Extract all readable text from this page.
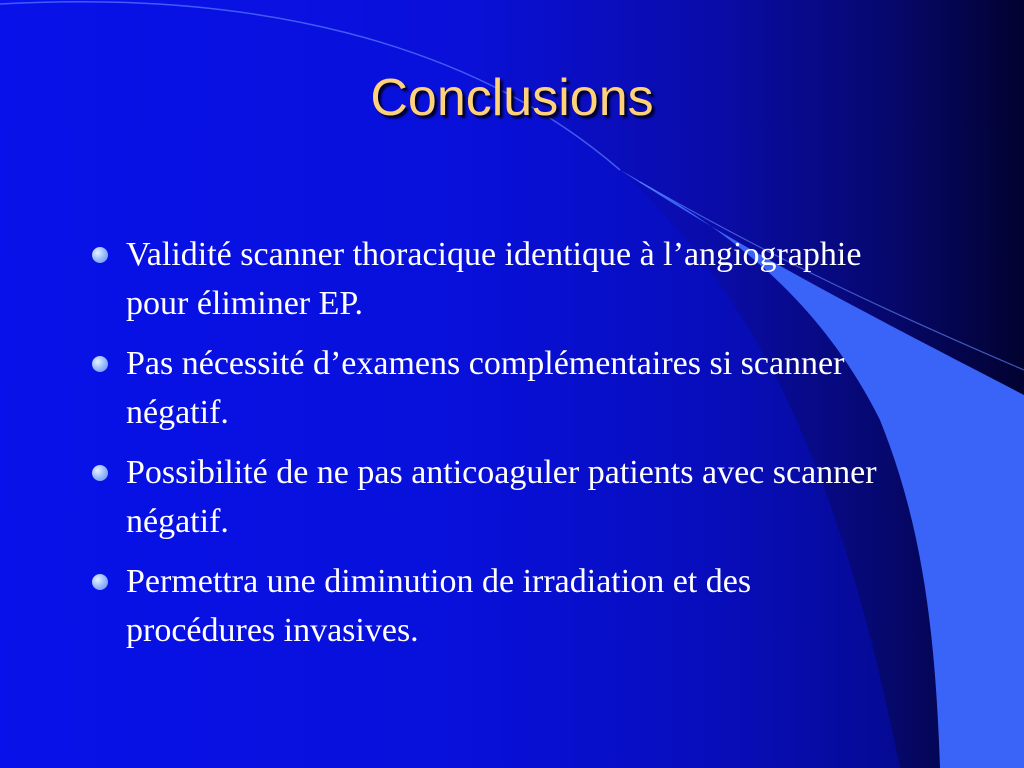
Conclusions
Validité scanner thoracique identique à l’angiographie pour éliminer EP.
Pas nécessité d’examens complémentaires si scanner négatif.
Possibilité de ne pas anticoaguler patients avec scanner négatif.
Permettra une diminution de irradiation et des procédures invasives.
